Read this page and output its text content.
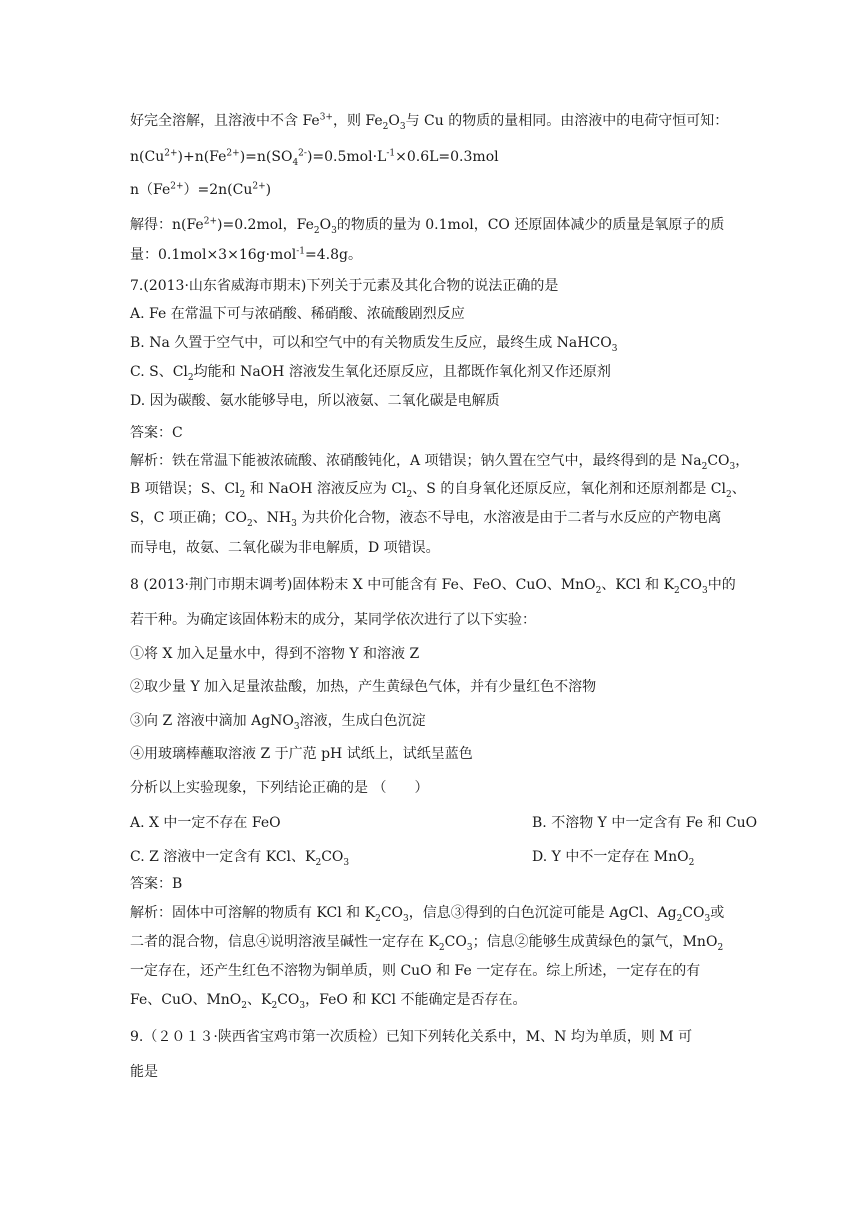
好完全溶解，且溶液中不含 $Fe^{3+}$，则 $Fe_2O_3$与 Cu 的物质的量相同。由溶液中的电荷守恒可知：
$n(Cu^{2+})+n(Fe^{2+})=n(SO_4^{2-})=0.5mol\cdot L^{-1}\times 0.6L=0.3mol$
$n(Fe^{2+})=2n(Cu^{2+})$
解得：$n(Fe^{2+})=0.2mol$，$Fe_2O_3$的物质的量为 0.1mol，CO 还原固体减少的质量是氧原子的质
量：0.1mol×3×16g·mol$^{-1}$=4.8g。
7.(2013·山东省威海市期末)下列关于元素及其化合物的说法正确的是
A. Fe 在常温下可与浓硝酸、稀硝酸、浓硫酸剧烈反应
B. Na 久置于空气中，可以和空气中的有关物质发生反应，最终生成 NaHCO$_3$
C. S、$Cl_2$均能和 NaOH 溶液发生氧化还原反应，且都既作氧化剂又作还原剂
D. 因为碳酸、氨水能够导电，所以液氨、二氧化碳是电解质
答案：C
解析：铁在常温下能被浓硫酸、浓硝酸钝化，A 项错误；钠久置在空气中，最终得到的是 $Na_2CO_3$，
B 项错误；S、$Cl_2$ 和 NaOH 溶液反应为 $Cl_2$、S 的自身氧化还原反应，氧化剂和还原剂都是 $Cl_2$、
S，C 项正确；$CO_2$、$NH_3$ 为共价化合物，液态不导电，水溶液是由于二者与水反应的产物电离
而导电，故氨、二氧化碳为非电解质，D 项错误。
8 (2013·荆门市期末调考)固体粉末 X 中可能含有 Fe、FeO、CuO、MnO$_2$、KCl 和 $K_2CO_3$中的
若干种。为确定该固体粉末的成分，某同学依次进行了以下实验：
①将 X 加入足量水中，得到不溶物 Y 和溶液 Z
②取少量 Y 加入足量浓盐酸，加热，产生黄绿色气体，并有少量红色不溶物
③向 Z 溶液中滴加 AgNO$_3$溶液，生成白色沉淀
④用玻璃棒蘸取溶液 Z 于广范 pH 试纸上，试纸呈蓝色
分析以上实验现象，下列结论正确的是 （　　）
A. X 中一定不存在 FeO	B. 不溶物 Y 中一定含有 Fe 和 CuO
C. Z 溶液中一定含有 KCl、$K_2CO_3$	D. Y 中不一定存在 MnO$_2$
答案：B
解析：固体中可溶解的物质有 KCl 和 $K_2CO_3$，信息③得到的白色沉淀可能是 AgCl、$Ag_2CO_3$或
二者的混合物，信息④说明溶液呈碱性一定存在 $K_2CO_3$；信息②能够生成黄绿色的氯气，MnO$_2$
一定存在，还产生红色不溶物为铜单质，则 CuO 和 Fe 一定存在。综上所述，一定存在的有
Fe、CuO、MnO$_2$、$K_2CO_3$，FeO 和 KCl 不能确定是否存在。
9.（２０１３·陕西省宝鸡市第一次质检）已知下列转化关系中，M、N 均为单质，则 M 可
能是
